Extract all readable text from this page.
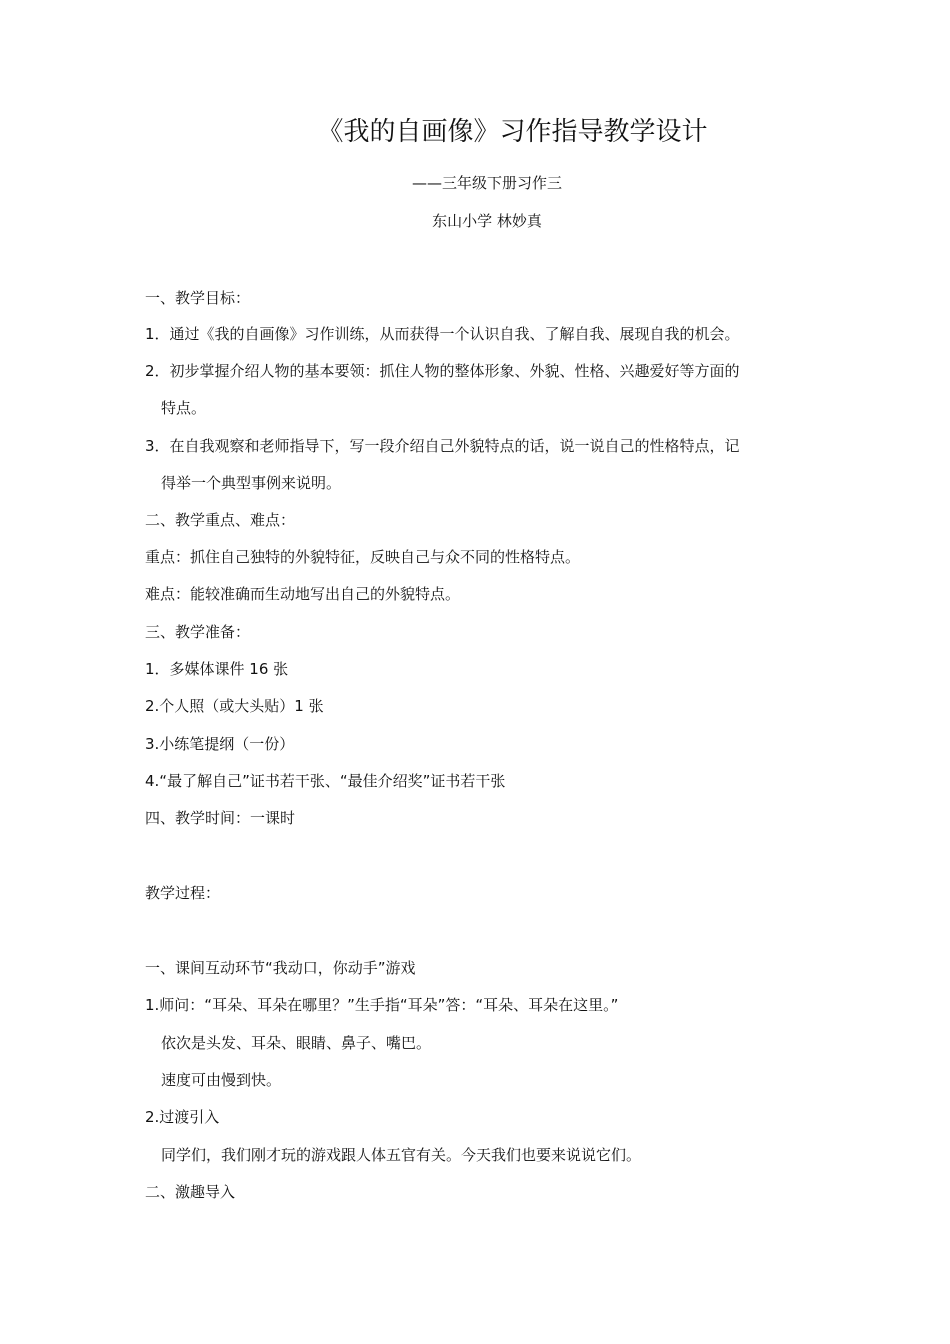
《我的自画像》习作指导教学设计
——三年级下册习作三
东山小学 林妙真
一、教学目标：
1．通过《我的自画像》习作训练，从而获得一个认识自我、了解自我、展现自我的机会。
2．初步掌握介绍人物的基本要领：抓住人物的整体形象、外貌、性格、兴趣爱好等方面的
特点。
3．在自我观察和老师指导下，写一段介绍自己外貌特点的话，说一说自己的性格特点，记
得举一个典型事例来说明。
二、教学重点、难点：
重点：抓住自己独特的外貌特征，反映自己与众不同的性格特点。
难点：能较准确而生动地写出自己的外貌特点。
三、教学准备：
1．多媒体课件 16 张
2.个人照（或大头贴）1 张
3.小练笔提纲（一份）
4.“最了解自己”证书若干张、“最佳介绍奖”证书若干张
四、教学时间：一课时
教学过程：
一、课间互动环节“我动口，你动手”游戏
1.师问：“耳朵、耳朵在哪里？”生手指“耳朵”答：“耳朵、耳朵在这里。”
依次是头发、耳朵、眼睛、鼻子、嘴巴。
速度可由慢到快。
2.过渡引入
同学们，我们刚才玩的游戏跟人体五官有关。今天我们也要来说说它们。
二、激趣导入
